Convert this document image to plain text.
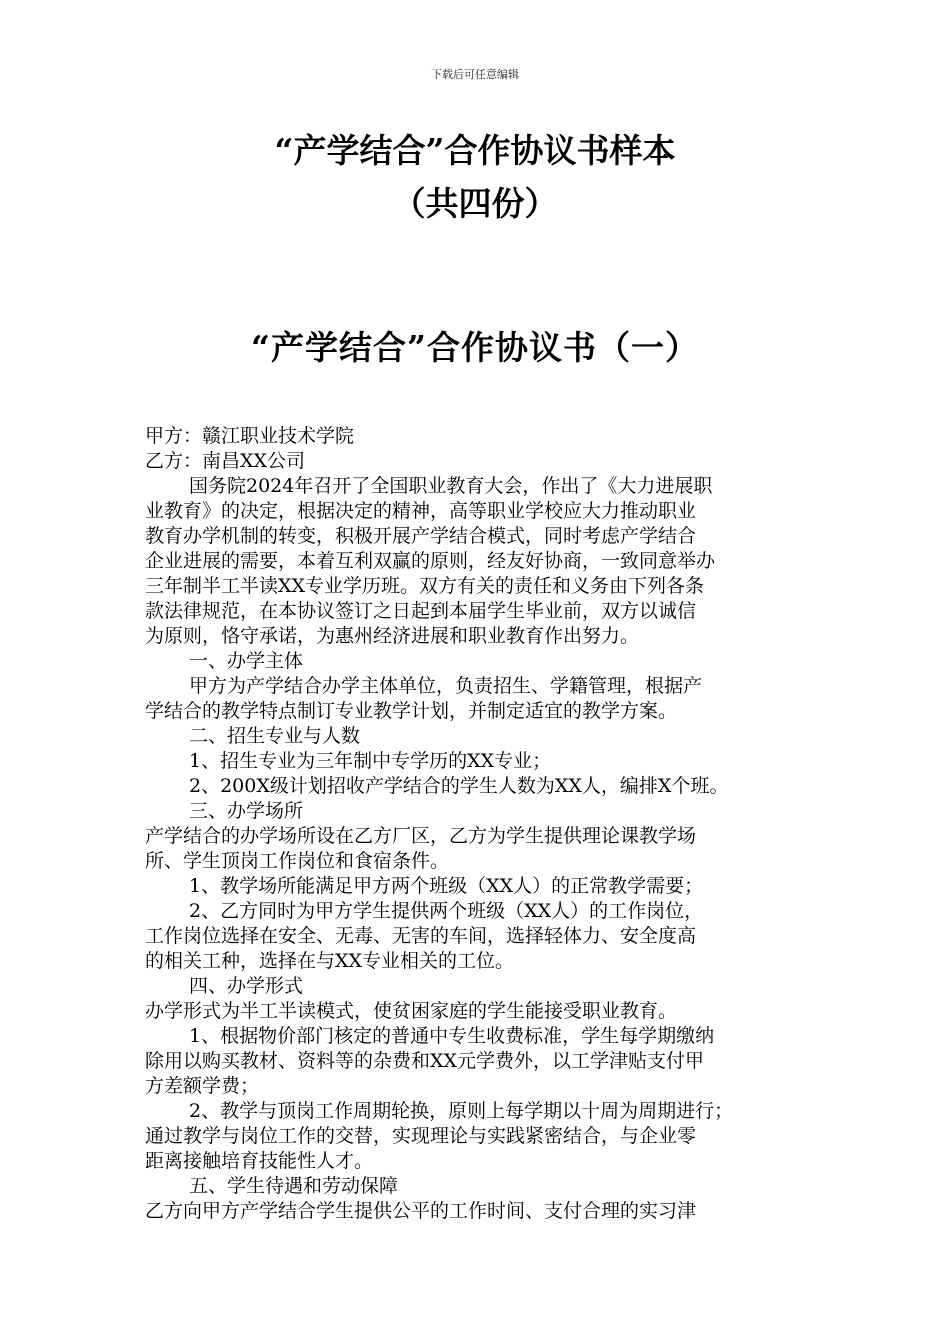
下载后可任意编辑
“产学结合”合作协议书样本
（共四份）
“产学结合”合作协议书（一）
甲方：赣江职业技术学院
乙方：南昌XX公司
国务院2024年召开了全国职业教育大会，作出了《大力进展职
业教育》的决定，根据决定的精神，高等职业学校应大力推动职业
教育办学机制的转变，积极开展产学结合模式，同时考虑产学结合
企业进展的需要，本着互利双赢的原则，经友好协商，一致同意举办
三年制半工半读XX专业学历班。双方有关的责任和义务由下列各条
款法律规范，在本协议签订之日起到本届学生毕业前，双方以诚信
为原则，恪守承诺，为惠州经济进展和职业教育作出努力。
一、办学主体
甲方为产学结合办学主体单位，负责招生、学籍管理，根据产
学结合的教学特点制订专业教学计划，并制定适宜的教学方案。
二、招生专业与人数
1、招生专业为三年制中专学历的XX专业；
2、200X级计划招收产学结合的学生人数为XX人，编排X个班。
三、办学场所
产学结合的办学场所设在乙方厂区，乙方为学生提供理论课教学场
所、学生顶岗工作岗位和食宿条件。
1、教学场所能满足甲方两个班级（XX人）的正常教学需要；
2、乙方同时为甲方学生提供两个班级（XX人）的工作岗位，
工作岗位选择在安全、无毒、无害的车间，选择轻体力、安全度高
的相关工种，选择在与XX专业相关的工位。
四、办学形式
办学形式为半工半读模式，使贫困家庭的学生能接受职业教育。
1、根据物价部门核定的普通中专生收费标准，学生每学期缴纳
除用以购买教材、资料等的杂费和XX元学费外，以工学津贴支付甲
方差额学费；
2、教学与顶岗工作周期轮换，原则上每学期以十周为周期进行；
通过教学与岗位工作的交替，实现理论与实践紧密结合，与企业零
距离接触培育技能性人才。
五、学生待遇和劳动保障
乙方向甲方产学结合学生提供公平的工作时间、支付合理的实习津
